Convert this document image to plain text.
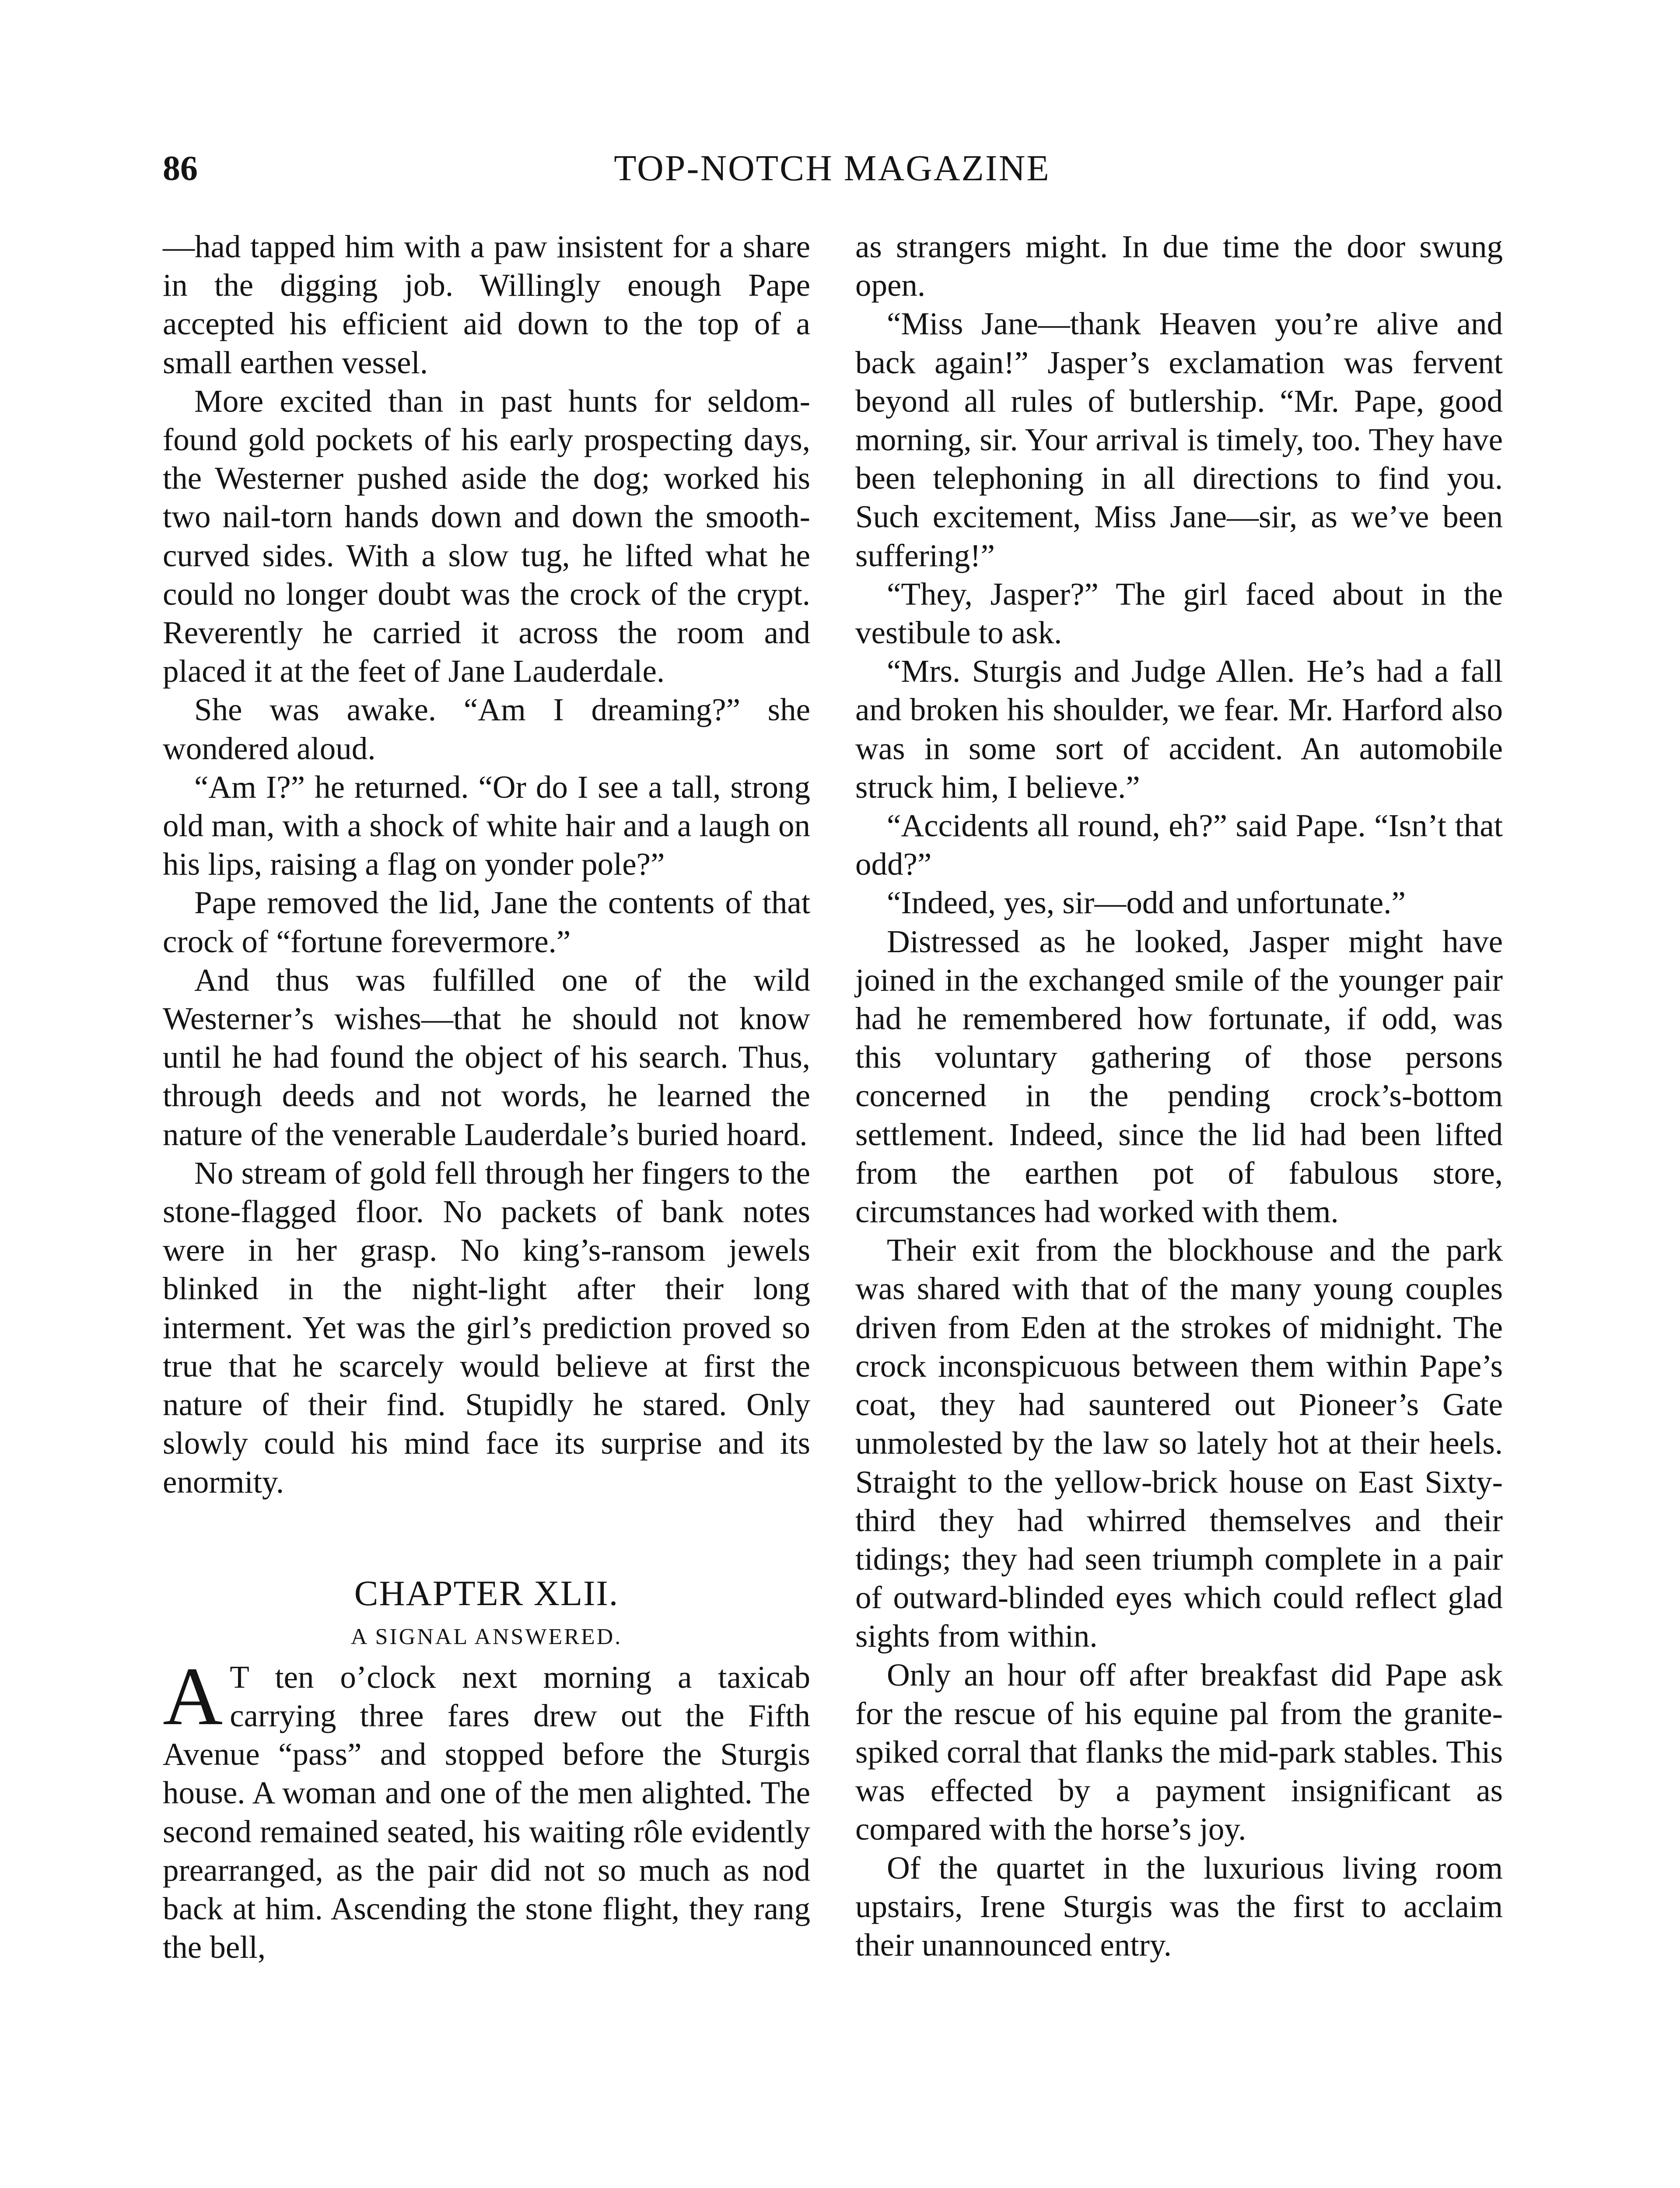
86	TOP-NOTCH MAGAZINE

—had tapped him with a paw insistent for a share in the digging job. Willingly enough Pape accepted his efficient aid down to the top of a small earthen vessel.

More excited than in past hunts for seldom-found gold pockets of his early prospecting days, the Westerner pushed aside the dog; worked his two nail-torn hands down and down the smooth-curved sides. With a slow tug, he lifted what he could no longer doubt was the crock of the crypt. Reverently he carried it across the room and placed it at the feet of Jane Lauderdale.

She was awake. “Am I dreaming?” she wondered aloud.

“Am I?” he returned. “Or do I see a tall, strong old man, with a shock of white hair and a laugh on his lips, raising a flag on yonder pole?”

Pape removed the lid, Jane the contents of that crock of “fortune forevermore.”

And thus was fulfilled one of the wild Westerner’s wishes—that he should not know until he had found the object of his search. Thus, through deeds and not words, he learned the nature of the venerable Lauderdale’s buried hoard.

No stream of gold fell through her fingers to the stone-flagged floor. No packets of bank notes were in her grasp. No king’s-ransom jewels blinked in the night-light after their long interment. Yet was the girl’s prediction proved so true that he scarcely would believe at first the nature of their find. Stupidly he stared. Only slowly could his mind face its surprise and its enormity.

CHAPTER XLII.
A SIGNAL ANSWERED.

A T ten o’clock next morning a taxicab carrying three fares drew out the Fifth Avenue “pass” and stopped before the Sturgis house. A woman and one of the men alighted. The second remained seated, his waiting rôle evidently prearranged, as the pair did not so much as nod back at him. Ascending the stone flight, they rang the bell,

as strangers might. In due time the door swung open.

“Miss Jane—thank Heaven you’re alive and back again!” Jasper’s exclamation was fervent beyond all rules of butlership. “Mr. Pape, good morning, sir. Your arrival is timely, too. They have been telephoning in all directions to find you. Such excitement, Miss Jane—sir, as we’ve been suffering!”

“They, Jasper?” The girl faced about in the vestibule to ask.

“Mrs. Sturgis and Judge Allen. He’s had a fall and broken his shoulder, we fear. Mr. Harford also was in some sort of accident. An automobile struck him, I believe.”

“Accidents all round, eh?” said Pape. “Isn’t that odd?”

“Indeed, yes, sir—odd and unfortunate.”

Distressed as he looked, Jasper might have joined in the exchanged smile of the younger pair had he remembered how fortunate, if odd, was this voluntary gathering of those persons concerned in the pending crock’s-bottom settlement. Indeed, since the lid had been lifted from the earthen pot of fabulous store, circumstances had worked with them.

Their exit from the blockhouse and the park was shared with that of the many young couples driven from Eden at the strokes of midnight. The crock inconspicuous between them within Pape’s coat, they had sauntered out Pioneer’s Gate unmolested by the law so lately hot at their heels. Straight to the yellow-brick house on East Sixty-third they had whirred themselves and their tidings; they had seen triumph complete in a pair of outward-blinded eyes which could reflect glad sights from within.

Only an hour off after breakfast did Pape ask for the rescue of his equine pal from the granite-spiked corral that flanks the mid-park stables. This was effected by a payment insignificant as compared with the horse’s joy.

Of the quartet in the luxurious living room upstairs, Irene Sturgis was the first to acclaim their unannounced entry.
